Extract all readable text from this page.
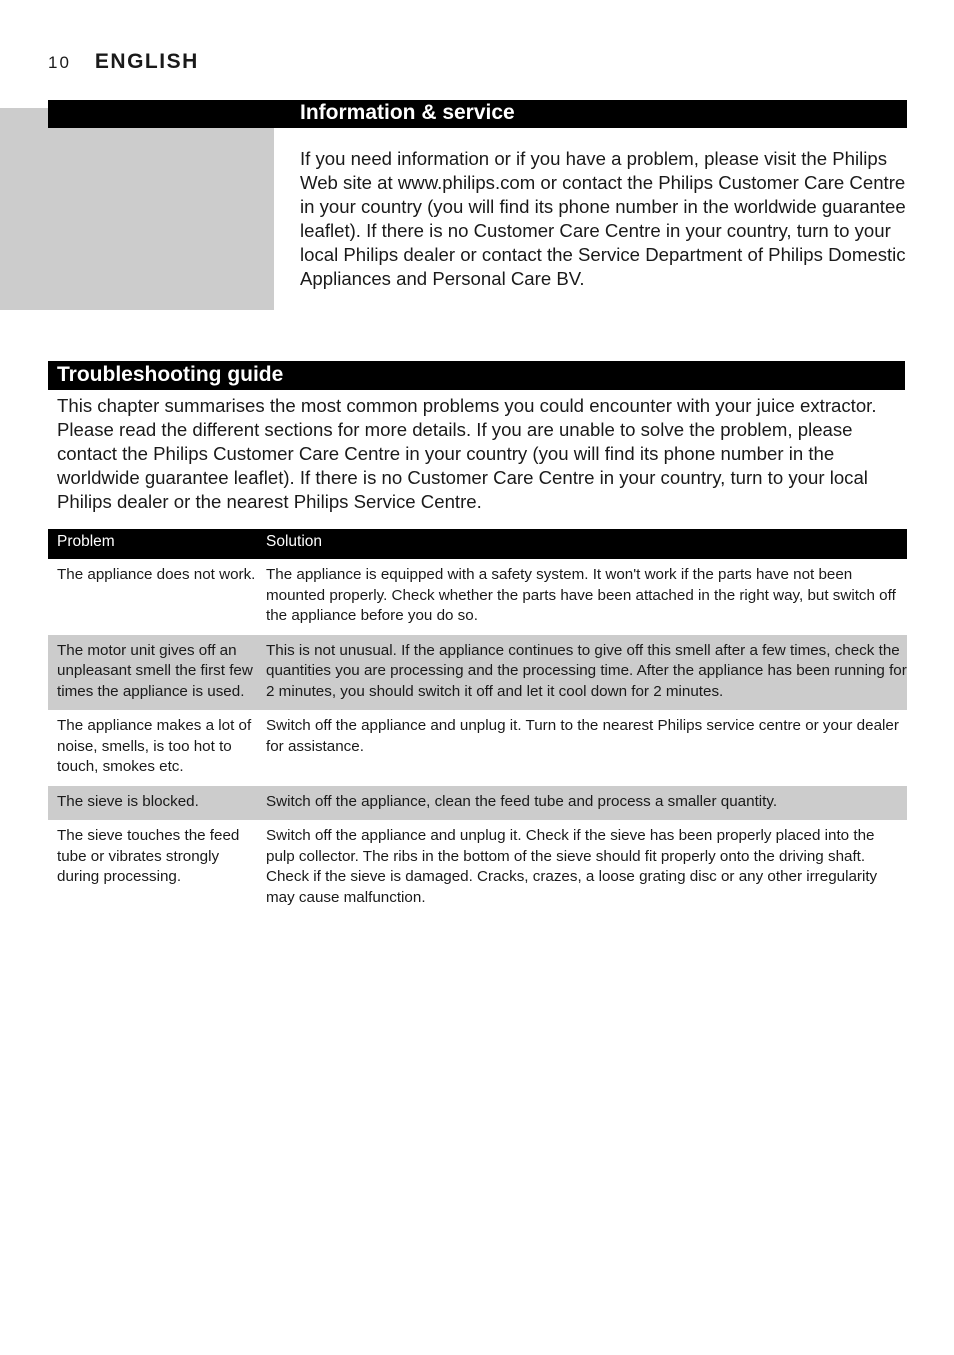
10 ENGLISH
Information & service

If you need information or if you have a problem, please visit the Philips Web site at www.philips.com or contact the Philips Customer Care Centre in your country (you will find its phone number in the worldwide guarantee leaflet). If there is no Customer Care Centre in your country, turn to your local Philips dealer or contact the Service Department of Philips Domestic Appliances and Personal Care BV.

Troubleshooting guide

This chapter summarises the most common problems you could encounter with your juice extractor. Please read the different sections for more details. If you are unable to solve the problem, please contact the Philips Customer Care Centre in your country (you will find its phone number in the worldwide guarantee leaflet). If there is no Customer Care Centre in your country, turn to your local Philips dealer or the nearest Philips Service Centre.

Problem	Solution
The appliance does not work.	The appliance is equipped with a safety system. It won't work if the parts have not been mounted properly. Check whether the parts have been attached in the right way, but switch off the appliance before you do so.
The motor unit gives off an unpleasant smell the first few times the appliance is used.	This is not unusual. If the appliance continues to give off this smell after a few times, check the quantities you are processing and the processing time. After the appliance has been running for 2 minutes, you should switch it off and let it cool down for 2 minutes.
The appliance makes a lot of noise, smells, is too hot to touch, smokes etc.	Switch off the appliance and unplug it. Turn to the nearest Philips service centre or your dealer for assistance.
The sieve is blocked.	Switch off the appliance, clean the feed tube and process a smaller quantity.
The sieve touches the feed tube or vibrates strongly during processing.	Switch off the appliance and unplug it. Check if the sieve has been properly placed into the pulp collector. The ribs in the bottom of the sieve should fit properly onto the driving shaft. Check if the sieve is damaged. Cracks, crazes, a loose grating disc or any other irregularity may cause malfunction.
